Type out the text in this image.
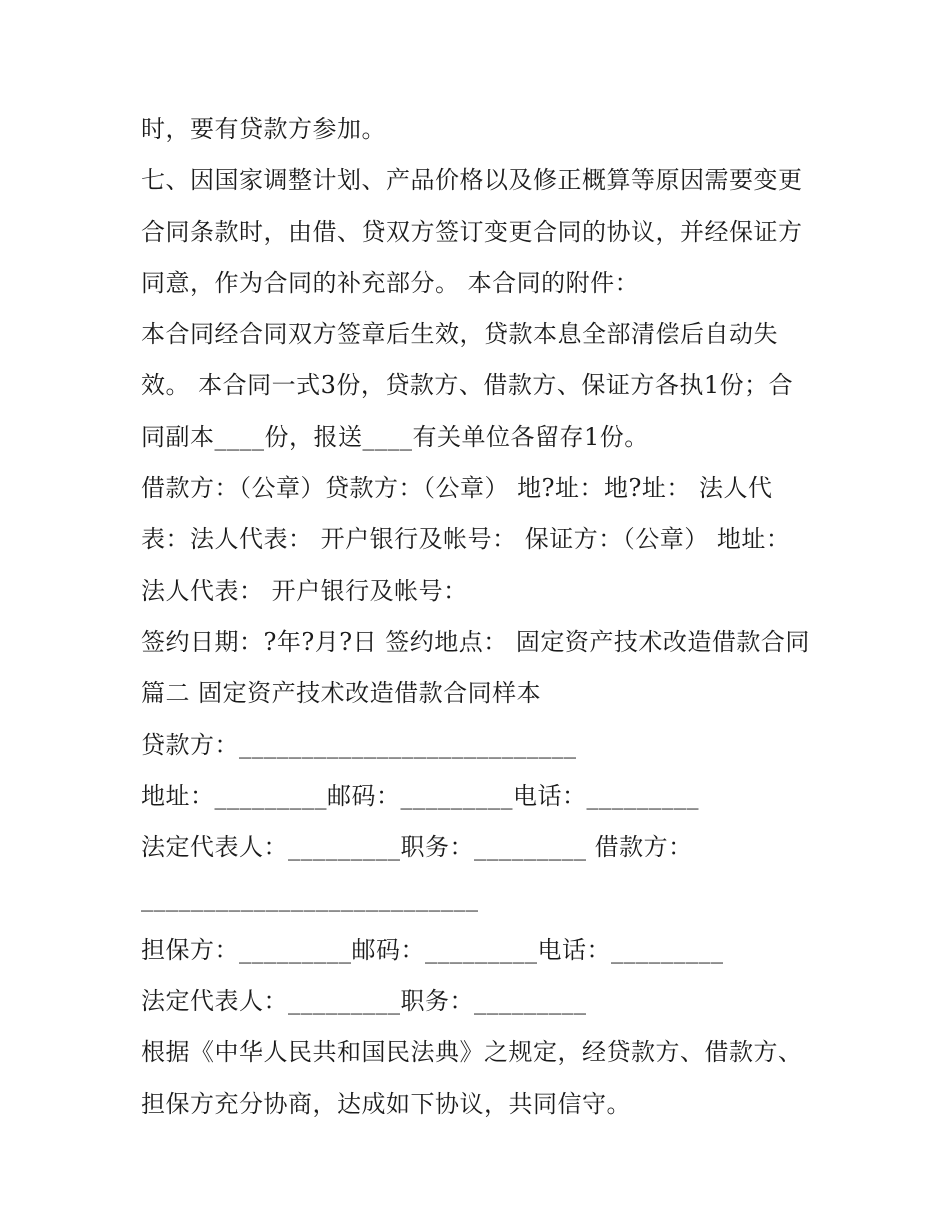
时，要有贷款方参加。
七、因国家调整计划、产品价格以及修正概算等原因需要变更
合同条款时，由借、贷双方签订变更合同的协议，并经保证方
同意，作为合同的补充部分。 本合同的附件：
本合同经合同双方签章后生效，贷款本息全部清偿后自动失
效。 本合同一式3份，贷款方、借款方、保证方各执1份；合
同副本____份，报送____有关单位各留存1份。
借款方：（公章）贷款方：（公章） 地?址：地?址： 法人代
表：法人代表： 开户银行及帐号： 保证方：（公章） 地址：
法人代表： 开户银行及帐号：
签约日期：?年?月?日 签约地点： 固定资产技术改造借款合同
篇二 固定资产技术改造借款合同样本
贷款方：___________________________
地址：_________邮码：_________电话：_________
法定代表人：_________职务：_________ 借款方：
___________________________
担保方：_________邮码：_________电话：_________
法定代表人：_________职务：_________
根据《中华人民共和国民法典》之规定，经贷款方、借款方、
担保方充分协商，达成如下协议，共同信守。
